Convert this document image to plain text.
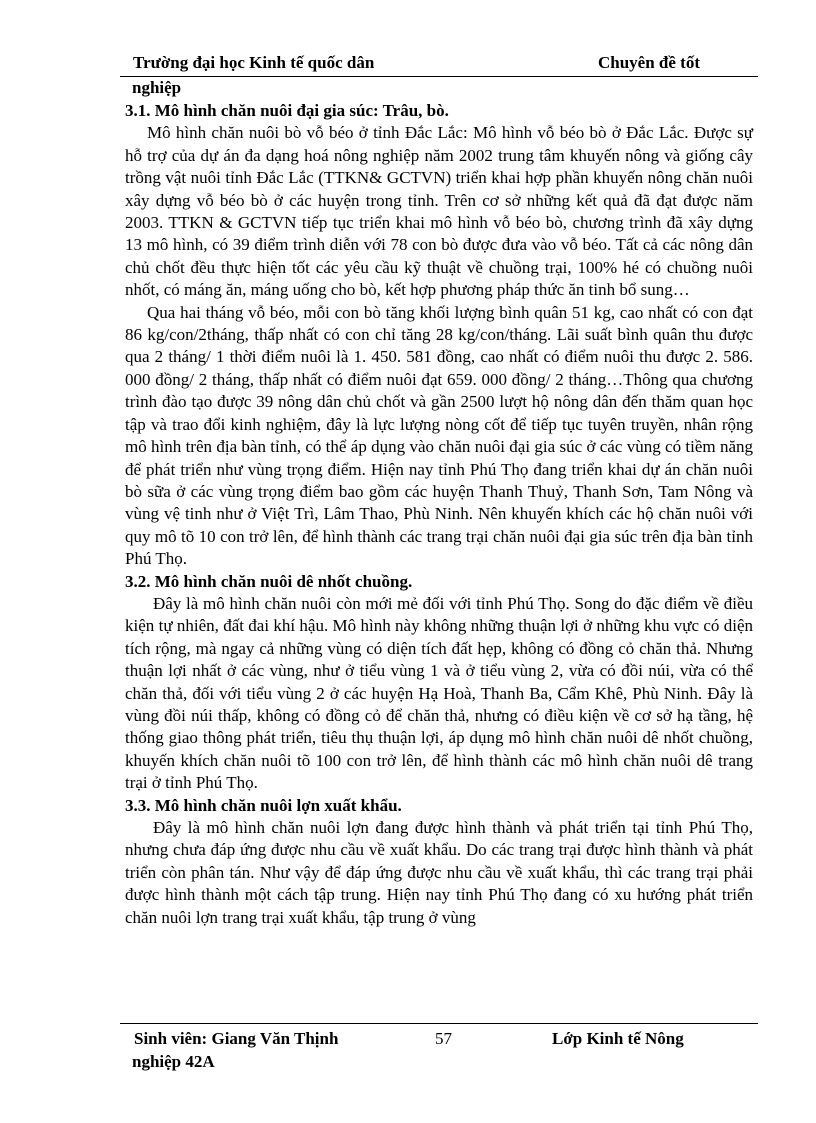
Trường đại học Kinh tế quốc dân	Chuyên đề tốt
nghiệp
3.1. Mô hình chăn nuôi đại gia súc: Trâu, bò.

Mô hình chăn nuôi bò vỗ béo ở tỉnh Đắc Lắc: Mô hình vỗ béo bò ở Đắc Lắc. Được sự hỗ trợ của dự án đa dạng hoá nông nghiệp năm 2002 trung tâm khuyến nông và giống cây trồng vật nuôi tỉnh Đắc Lắc (TTKN& GCTVN) triển khai hợp phần khuyến nông chăn nuôi xây dựng vỗ béo bò ở các huyện trong tỉnh. Trên cơ sở những kết quả đã đạt được năm 2003. TTKN & GCTVN tiếp tục triển khai mô hình vỗ béo bò, chương trình đã xây dựng 13 mô hình, có 39 điểm trình diễn với 78 con bò được đưa vào vỗ béo. Tất cả các nông dân chủ chốt đều thực hiện tốt các yêu cầu kỹ thuật về chuồng trại, 100% hé có chuồng nuôi nhốt, có máng ăn, máng uống cho bò, kết hợp phương pháp thức ăn tinh bổ sung…

Qua hai tháng vỗ béo, mỗi con bò tăng khối lượng bình quân 51 kg, cao nhất có con đạt 86 kg/con/2tháng, thấp nhất có con chỉ tăng 28 kg/con/tháng. Lãi suất bình quân thu được qua 2 tháng/ 1 thời điểm nuôi là 1. 450. 581 đồng, cao nhất có điểm nuôi thu được 2. 586. 000 đồng/ 2 tháng, thấp nhất có điểm nuôi đạt 659. 000 đồng/ 2 tháng…Thông qua chương trình đào tạo được 39 nông dân chủ chốt và gần 2500 lượt hộ nông dân đến thăm quan học tập và trao đổi kinh nghiệm, đây là lực lượng nòng cốt để tiếp tục tuyên truyền, nhân rộng mô hình trên địa bàn tỉnh, có thể áp dụng vào chăn nuôi đại gia súc ở các vùng có tiềm năng để phát triển như vùng trọng điểm. Hiện nay tỉnh Phú Thọ đang triển khai dự án chăn nuôi bò sữa ở các vùng trọng điểm bao gồm các huyện Thanh Thuỷ, Thanh Sơn, Tam Nông và vùng vệ tinh như ở Việt Trì, Lâm Thao, Phù Ninh. Nên khuyến khích các hộ chăn nuôi với quy mô tõ 10 con trở lên, để hình thành các trang trại chăn nuôi đại gia súc trên địa bàn tỉnh Phú Thọ.

3.2. Mô hình chăn nuôi dê nhốt chuồng.

Đây là mô hình chăn nuôi còn mới mẻ đối với tỉnh Phú Thọ. Song do đặc điểm về điều kiện tự nhiên, đất đai khí hậu. Mô hình này không những thuận lợi ở những khu vực có diện tích rộng, mà ngay cả những vùng có diện tích đất hẹp, không có đồng cỏ chăn thả. Nhưng thuận lợi nhất ở các vùng, như ở tiểu vùng 1 và ở tiểu vùng 2, vừa có đồi núi, vừa có thể chăn thả, đối với tiểu vùng 2 ở các huyện Hạ Hoà, Thanh Ba, Cẩm Khê, Phù Ninh. Đây là vùng đồi núi thấp, không có đồng cỏ để chăn thả, nhưng có điều kiện về cơ sở hạ tầng, hệ thống giao thông phát triển, tiêu thụ thuận lợi, áp dụng mô hình chăn nuôi dê nhốt chuồng, khuyến khích chăn nuôi tõ 100 con trở lên, để hình thành các mô hình chăn nuôi dê trang trại ở tỉnh Phú Thọ.

3.3. Mô hình chăn nuôi lợn xuất khẩu.

Đây là mô hình chăn nuôi lợn đang được hình thành và phát triển tại tỉnh Phú Thọ, nhưng chưa đáp ứng được nhu cầu về xuất khẩu. Do các trang trại được hình thành và phát triển còn phân tán. Như vậy để đáp ứng được nhu cầu về xuất khẩu, thì các trang trại phải được hình thành một cách tập trung. Hiện nay tỉnh Phú Thọ đang có xu hướng phát triển chăn nuôi lợn trang trại xuất khẩu, tập trung ở vùng

Sinh viên: Giang Văn Thịnh	57	Lớp Kinh tế Nông
nghiệp 42A
